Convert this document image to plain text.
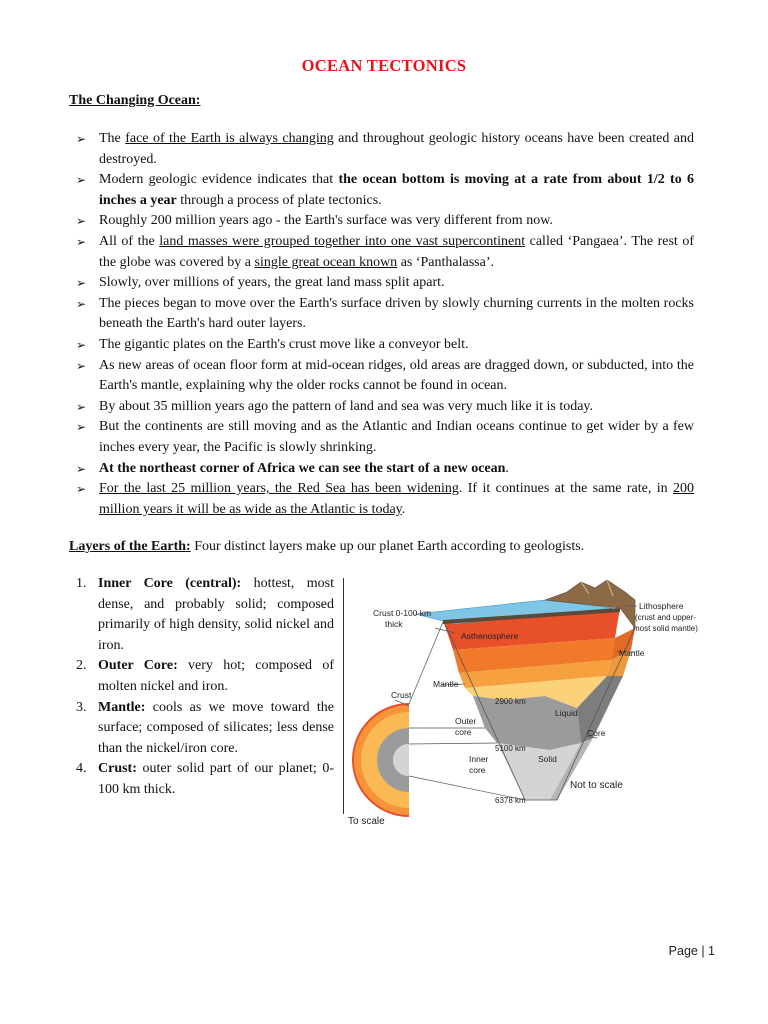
OCEAN TECTONICS
The Changing Ocean:
➢ The face of the Earth is always changing and throughout geologic history oceans have been created and destroyed.
➢ Modern geologic evidence indicates that the ocean bottom is moving at a rate from about 1/2 to 6 inches a year through a process of plate tectonics.
➢ Roughly 200 million years ago - the Earth's surface was very different from now.
➢ All of the land masses were grouped together into one vast supercontinent called ‘Pangaea’. The rest of the globe was covered by a single great ocean known as ‘Panthalassa’.
➢ Slowly, over millions of years, the great land mass split apart.
➢ The pieces began to move over the Earth's surface driven by slowly churning currents in the molten rocks beneath the Earth's hard outer layers.
➢ The gigantic plates on the Earth's crust move like a conveyor belt.
➢ As new areas of ocean floor form at mid-ocean ridges, old areas are dragged down, or subducted, into the Earth's mantle, explaining why the older rocks cannot be found in ocean.
➢ By about 35 million years ago the pattern of land and sea was very much like it is today.
➢ But the continents are still moving and as the Atlantic and Indian oceans continue to get wider by a few inches every year, the Pacific is slowly shrinking.
➢ At the northeast corner of Africa we can see the start of a new ocean.
➢ For the last 25 million years, the Red Sea has been widening. If it continues at the same rate, in 200 million years it will be as wide as the Atlantic is today.
Layers of the Earth: Four distinct layers make up our planet Earth according to geologists.
1. Inner Core (central): hottest, most dense, and probably solid; composed primarily of high density, solid nickel and iron.
2. Outer Core: very hot; composed of molten nickel and iron.
3. Mantle: cools as we move toward the surface; composed of silicates; less dense than the nickel/iron core.
4. Crust: outer solid part of our planet; 0-100 km thick.
Crust 0-100 km
thick
Asthenosphere
Lithosphere
(crust and upper-
most solid mantle)
Mantle
Mantle
Crust
2900 km
Liquid
Outer
core	Core
5100 km
Inner
core
Solid
Not to scale
6378 km
To scale
Page | 1
